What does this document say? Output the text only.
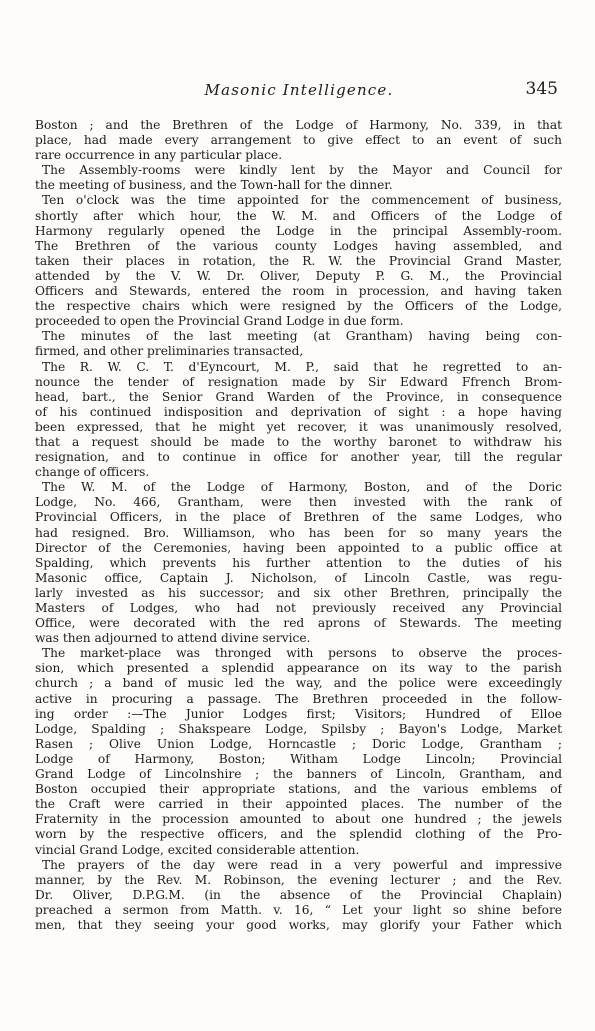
Masonic Intelligence.	345
Boston ; and the Brethren of the Lodge of Harmony, No. 339, in that
place, had made every arrangement to give effect to an event of such
rare occurrence in any particular place.
The Assembly-rooms were kindly lent by the Mayor and Council for
the meeting of business, and the Town-hall for the dinner.
Ten o'clock was the time appointed for the commencement of business,
shortly after which hour, the W. M. and Officers of the Lodge of
Harmony regularly opened the Lodge in the principal Assembly-room.
The Brethren of the various county Lodges having assembled, and
taken their places in rotation, the R. W. the Provincial Grand Master,
attended by the V. W. Dr. Oliver, Deputy P. G. M., the Provincial
Officers and Stewards, entered the room in procession, and having taken
the respective chairs which were resigned by the Officers of the Lodge,
proceeded to open the Provincial Grand Lodge in due form.
The minutes of the last meeting (at Grantham) having being con-
firmed, and other preliminaries transacted,
The R. W. C. T. d'Eyncourt, M. P., said that he regretted to an-
nounce the tender of resignation made by Sir Edward Ffrench Brom-
head, bart., the Senior Grand Warden of the Province, in consequence
of his continued indisposition and deprivation of sight : a hope having
been expressed, that he might yet recover, it was unanimously resolved,
that a request should be made to the worthy baronet to withdraw his
resignation, and to continue in office for another year, till the regular
change of officers.
The W. M. of the Lodge of Harmony, Boston, and of the Doric
Lodge, No. 466, Grantham, were then invested with the rank of
Provincial Officers, in the place of Brethren of the same Lodges, who
had resigned. Bro. Williamson, who has been for so many years the
Director of the Ceremonies, having been appointed to a public office at
Spalding, which prevents his further attention to the duties of his
Masonic office, Captain J. Nicholson, of Lincoln Castle, was regu-
larly invested as his successor; and six other Brethren, principally the
Masters of Lodges, who had not previously received any Provincial
Office, were decorated with the red aprons of Stewards. The meeting
was then adjourned to attend divine service.
The market-place was thronged with persons to observe the proces-
sion, which presented a splendid appearance on its way to the parish
church ; a band of music led the way, and the police were exceedingly
active in procuring a passage. The Brethren proceeded in the follow-
ing order :—The Junior Lodges first; Visitors; Hundred of Elloe
Lodge, Spalding ; Shakspeare Lodge, Spilsby ; Bayon's Lodge, Market
Rasen ; Olive Union Lodge, Horncastle ; Doric Lodge, Grantham ;
Lodge of Harmony, Boston; Witham Lodge Lincoln; Provincial
Grand Lodge of Lincolnshire ; the banners of Lincoln, Grantham, and
Boston occupied their appropriate stations, and the various emblems of
the Craft were carried in their appointed places. The number of the
Fraternity in the procession amounted to about one hundred ; the jewels
worn by the respective officers, and the splendid clothing of the Pro-
vincial Grand Lodge, excited considerable attention.
The prayers of the day were read in a very powerful and impressive
manner, by the Rev. M. Robinson, the evening lecturer ; and the Rev.
Dr. Oliver, D.P.G.M. (in the absence of the Provincial Chaplain)
preached a sermon from Matth. v. 16, “ Let your light so shine before
men, that they seeing your good works, may glorify your Father which
